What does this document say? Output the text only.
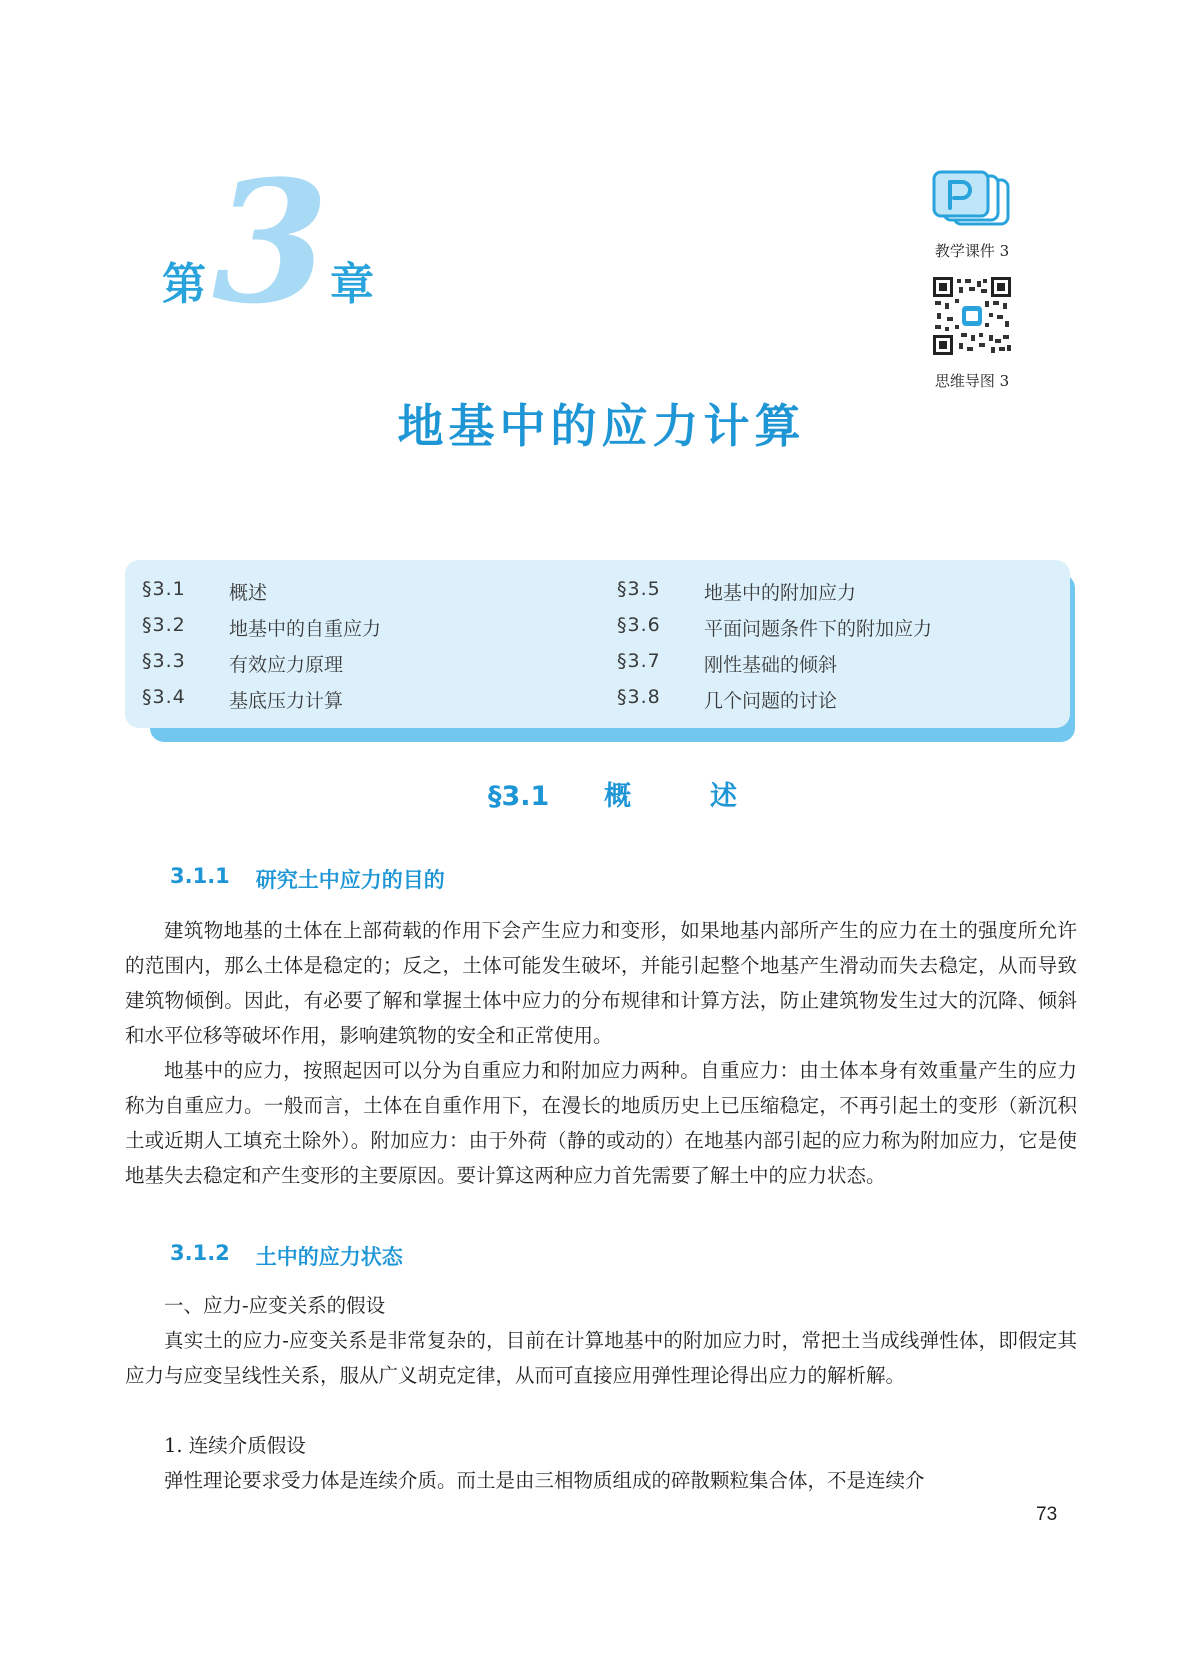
第 3 章
教学课件 3
思维导图 3
地基中的应力计算
§3.1	概述
§3.2	地基中的自重应力
§3.3	有效应力原理
§3.4	基底压力计算
§3.5	地基中的附加应力
§3.6	平面问题条件下的附加应力
§3.7	刚性基础的倾斜
§3.8	几个问题的讨论
§3.1 概	述
3.1.1 研究土中应力的目的

建筑物地基的土体在上部荷载的作用下会产生应力和变形，如果地基内部所产生的应力在土的强度所允许的范围内，那么土体是稳定的；反之，土体可能发生破坏，并能引起整个地基产生滑动而失去稳定，从而导致建筑物倾倒。因此，有必要了解和掌握土体中应力的分布规律和计算方法，防止建筑物发生过大的沉降、倾斜和水平位移等破坏作用，影响建筑物的安全和正常使用。

地基中的应力，按照起因可以分为自重应力和附加应力两种。自重应力：由土体本身有效重量产生的应力称为自重应力。一般而言，土体在自重作用下，在漫长的地质历史上已压缩稳定，不再引起土的变形（新沉积土或近期人工填充土除外）。附加应力：由于外荷（静的或动的）在地基内部引起的应力称为附加应力，它是使地基失去稳定和产生变形的主要原因。要计算这两种应力首先需要了解土中的应力状态。

3.1.2 土中的应力状态

一、应力-应变关系的假设

真实土的应力-应变关系是非常复杂的，目前在计算地基中的附加应力时，常把土当成线弹性体，即假定其应力与应变呈线性关系，服从广义胡克定律，从而可直接应用弹性理论得出应力的解析解。

1. 连续介质假设

弹性理论要求受力体是连续介质。而土是由三相物质组成的碎散颗粒集合体，不是连续介

73
